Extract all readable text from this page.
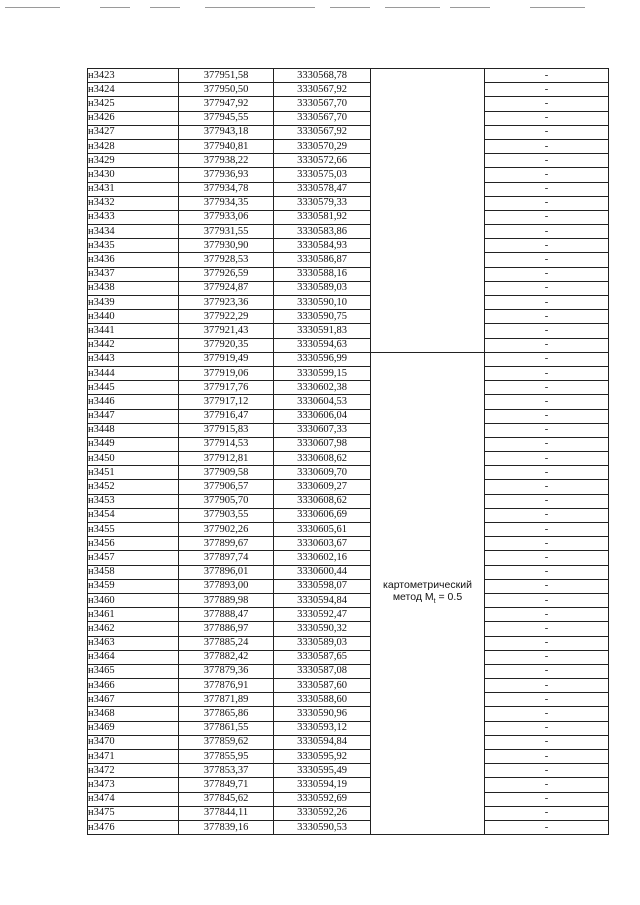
н3423	377951,58	3330568,78		-
н3424	377950,50	3330567,92		-
н3425	377947,92	3330567,70		-
н3426	377945,55	3330567,70		-
н3427	377943,18	3330567,92		-
н3428	377940,81	3330570,29		-
н3429	377938,22	3330572,66		-
н3430	377936,93	3330575,03		-
н3431	377934,78	3330578,47		-
н3432	377934,35	3330579,33		-
н3433	377933,06	3330581,92		-
н3434	377931,55	3330583,86		-
н3435	377930,90	3330584,93		-
н3436	377928,53	3330586,87		-
н3437	377926,59	3330588,16		-
н3438	377924,87	3330589,03		-
н3439	377923,36	3330590,10		-
н3440	377922,29	3330590,75		-
н3441	377921,43	3330591,83		-
н3442	377920,35	3330594,63		-
н3443	377919,49	3330596,99	картометрический
метод $M_t = 0.5$	-
н3444	377919,06	3330599,15		-
н3445	377917,76	3330602,38		-
н3446	377917,12	3330604,53		-
н3447	377916,47	3330606,04		-
н3448	377915,83	3330607,33		-
н3449	377914,53	3330607,98		-
н3450	377912,81	3330608,62		-
н3451	377909,58	3330609,70		-
н3452	377906,57	3330609,27		-
н3453	377905,70	3330608,62		-
н3454	377903,55	3330606,69		-
н3455	377902,26	3330605,61		-
н3456	377899,67	3330603,67		-
н3457	377897,74	3330602,16		-
н3458	377896,01	3330600,44		-
н3459	377893,00	3330598,07		-
н3460	377889,98	3330594,84		-
н3461	377888,47	3330592,47		-
н3462	377886,97	3330590,32		-
н3463	377885,24	3330589,03		-
н3464	377882,42	3330587,65		-
н3465	377879,36	3330587,08		-
н3466	377876,91	3330587,60		-
н3467	377871,89	3330588,60		-
н3468	377865,86	3330590,96		-
н3469	377861,55	3330593,12		-
н3470	377859,62	3330594,84		-
н3471	377855,95	3330595,92		-
н3472	377853,37	3330595,49		-
н3473	377849,71	3330594,19		-
н3474	377845,62	3330592,69		-
н3475	377844,11	3330592,26		-
н3476	377839,16	3330590,53		-
